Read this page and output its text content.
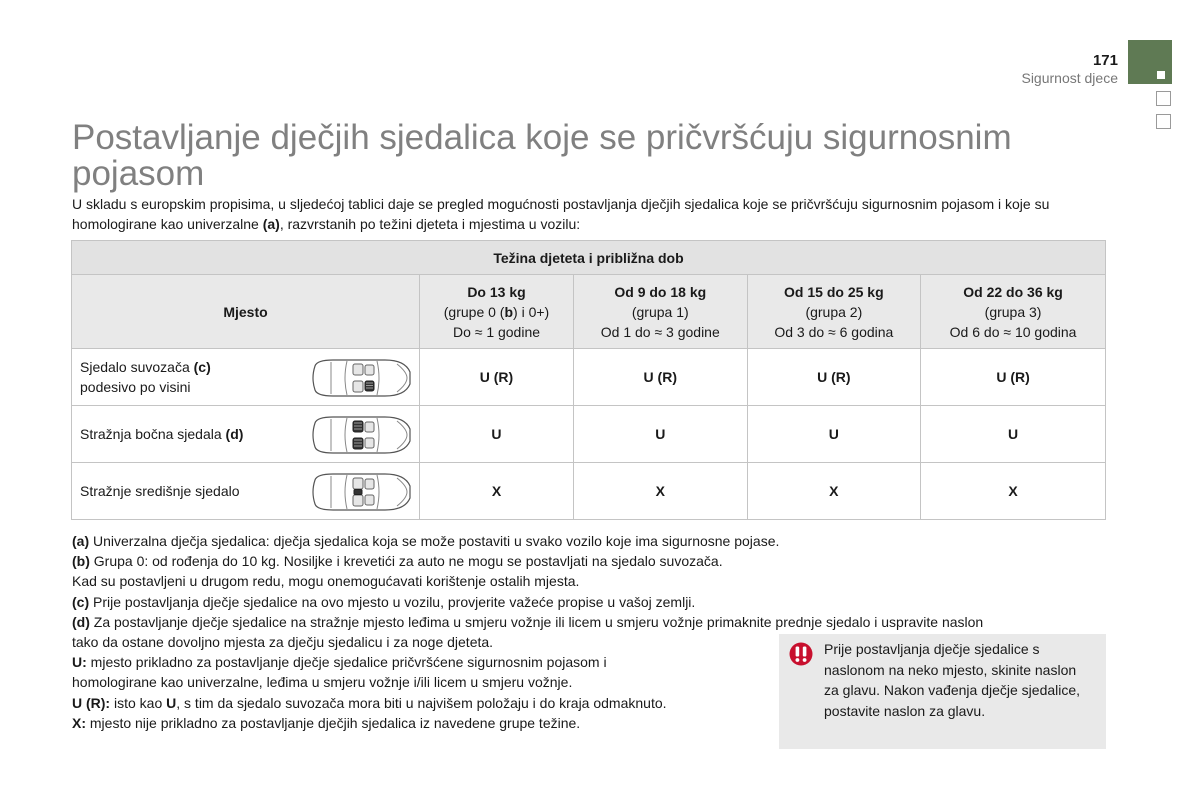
171
Sigurnost djece
Postavljanje dječjih sjedalica koje se pričvršćuju sigurnosnim pojasom

U skladu s europskim propisima, u sljedećoj tablici daje se pregled mogućnosti postavljanja dječjih sjedalica koje se pričvršćuju sigurnosnim pojasom i koje su homologirane kao univerzalne (a), razvrstanih po težini djeteta i mjestima u vozilu:

Težina djeteta i približna dob				
Mjesto	Do 13 kg
(grupe 0 (b) i 0+)
Do ≈ 1 godine	Od 9 do 18 kg
(grupa 1)
Od 1 do ≈ 3 godine	Od 15 do 25 kg
(grupa 2)
Od 3 do ≈ 6 godina	Od 22 do 36 kg
(grupa 3)
Od 6 do ≈ 10 godina

Sjedalo suvozača (c)
podesivo po visini	U (R)	U (R)	U (R)	U (R)

Stražnja bočna sjedala (d)	U	U	U	U

Stražnje središnje sjedalo	X	X	X	X

(a) Univerzalna dječja sjedalica: dječja sjedalica koja se može postaviti u svako vozilo koje ima sigurnosne pojase.

(b) Grupa 0: od rođenja do 10 kg. Nosiljke i krevetići za auto ne mogu se postavljati na sjedalo suvozača.

Kad su postavljeni u drugom redu, mogu onemogućavati korištenje ostalih mjesta.

(c) Prije postavljanja dječje sjedalice na ovo mjesto u vozilu, provjerite važeće propise u vašoj zemlji.

(d) Za postavljanje dječje sjedalice na stražnje mjesto leđima u smjeru vožnje ili licem u smjeru vožnje primaknite prednje sjedalo i uspravite naslon

tako da ostane dovoljno mjesta za dječju sjedalicu i za noge djeteta.

U: mjesto prikladno za postavljanje dječje sjedalice pričvršćene sigurnosnim pojasom i

homologirane kao univerzalne, leđima u smjeru vožnje i/ili licem u smjeru vožnje.

U (R): isto kao U, s tim da sjedalo suvozača mora biti u najvišem položaju i do kraja odmaknuto.

X: mjesto nije prikladno za postavljanje dječjih sjedalica iz navedene grupe težine.

Prije postavljanja dječje sjedalice s naslonom na neko mjesto, skinite naslon za glavu. Nakon vađenja dječje sjedalice, postavite naslon za glavu.
